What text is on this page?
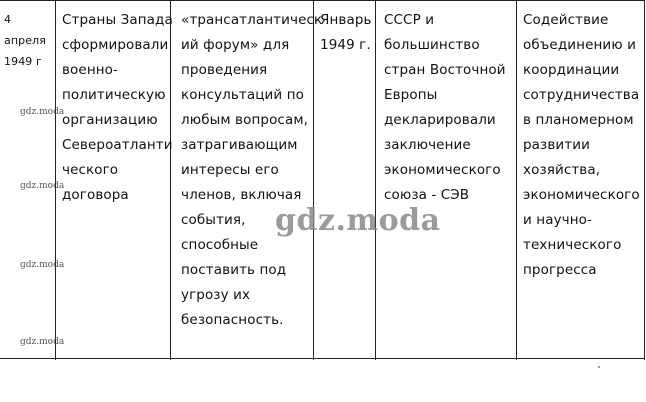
4
апреля
1949 г
Страны Запада
сформировали
военно-
политическую
организацию
Североатланти
ческого
договора
«трансатлантическ
ий форум» для
проведения
консультаций по
любым вопросам,
затрагивающим
интересы его
членов, включая
события,
способные
поставить под
угрозу их
безопасность.
Январь
1949 г.
СССР и
большинство
стран Восточной
Европы
декларировали
заключение
экономического
союза - СЭВ
Содействие
объединению и
координации
сотрудничества
в планомерном
развитии
хозяйства,
экономического
и научно-
технического
прогресса
gdz.moda
gdz.moda
gdz.moda
gdz.moda
gdz.moda
